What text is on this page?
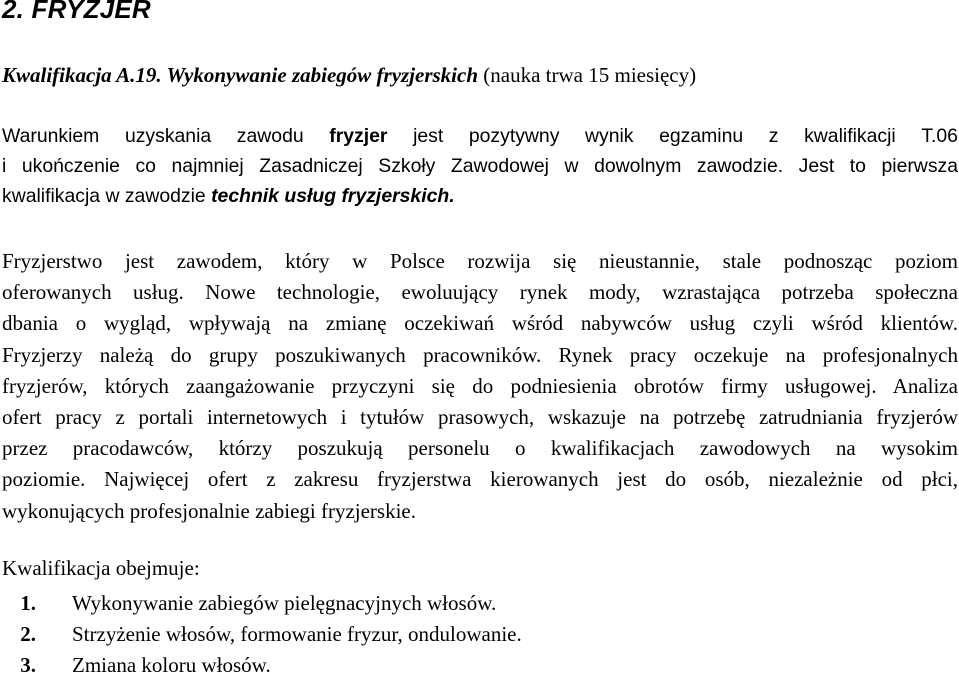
2. FRYZJER
Kwalifikacja A.19. Wykonywanie zabiegów fryzjerskich (nauka trwa 15 miesięcy)
Warunkiem uzyskania zawodu fryzjer jest pozytywny wynik egzaminu z kwalifikacji T.06
i ukończenie co najmniej Zasadniczej Szkoły Zawodowej w dowolnym zawodzie. Jest to pierwsza
kwalifikacja w zawodzie technik usług fryzjerskich.
Fryzjerstwo jest zawodem, który w Polsce rozwija się nieustannie, stale podnosząc poziom
oferowanych usług. Nowe technologie, ewoluujący rynek mody, wzrastająca potrzeba społeczna
dbania o wygląd, wpływają na zmianę oczekiwań wśród nabywców usług czyli wśród klientów.
Fryzjerzy należą do grupy poszukiwanych pracowników. Rynek pracy oczekuje na profesjonalnych
fryzjerów, których zaangażowanie przyczyni się do podniesienia obrotów firmy usługowej. Analiza
ofert pracy z portali internetowych i tytułów prasowych, wskazuje na potrzebę zatrudniania fryzjerów
przez pracodawców, którzy poszukują personelu o kwalifikacjach zawodowych na wysokim
poziomie. Najwięcej ofert z zakresu fryzjerstwa kierowanych jest do osób, niezależnie od płci,
wykonujących profesjonalnie zabiegi fryzjerskie.
Kwalifikacja obejmuje:
1. Wykonywanie zabiegów pielęgnacyjnych włosów.
2. Strzyżenie włosów, formowanie fryzur, ondulowanie.
3. Zmiana koloru włosów.
